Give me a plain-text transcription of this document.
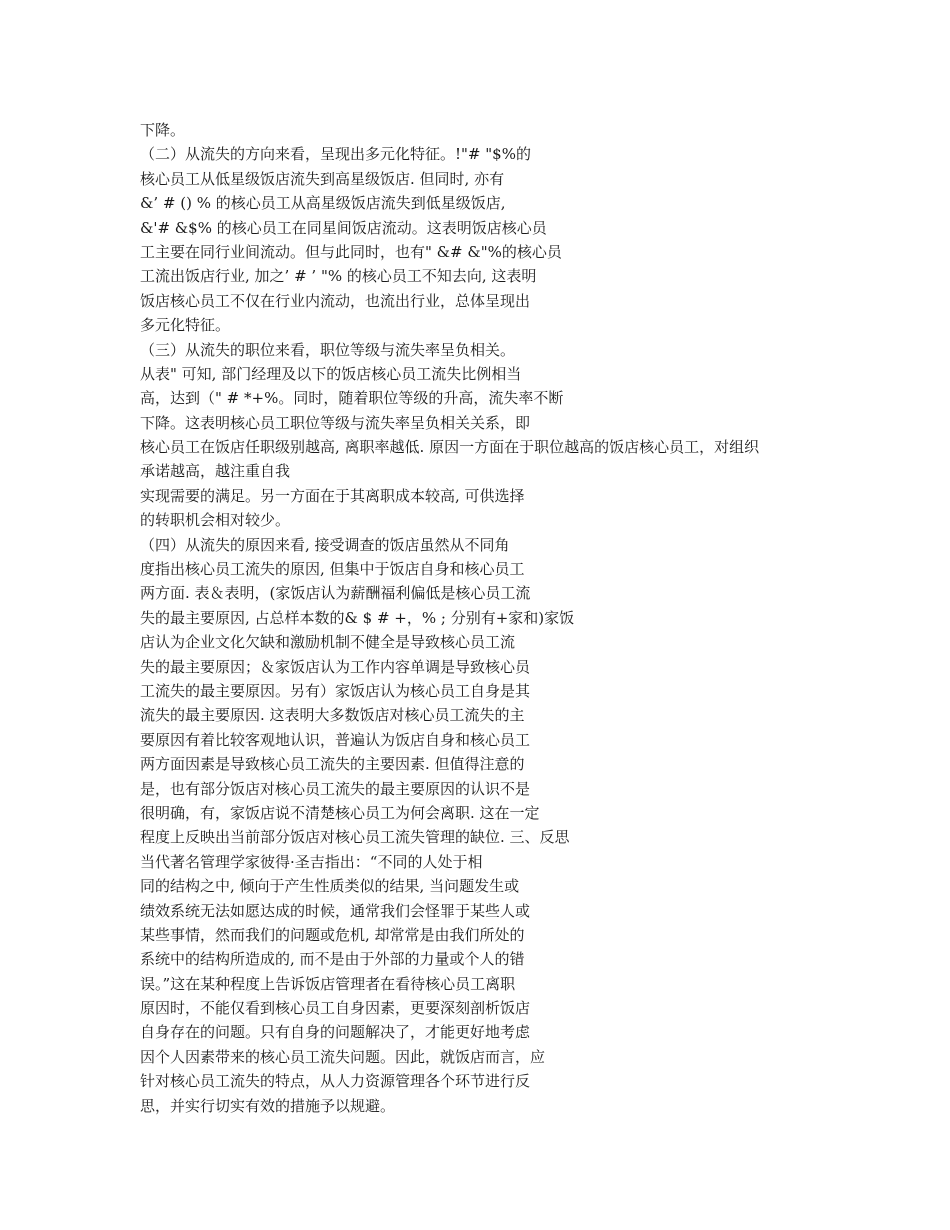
下降。
（二）从流失的方向来看，呈现出多元化特征。!"# "$%的
核心员工从低星级饭店流失到高星级饭店. 但同时, 亦有
&’ # () % 的核心员工从高星级饭店流失到低星级饭店,
&'# &$% 的核心员工在同星间饭店流动。这表明饭店核心员
工主要在同行业间流动。但与此同时，也有" &# &"%的核心员
工流出饭店行业, 加之’ # ’ "% 的核心员工不知去向, 这表明
饭店核心员工不仅在行业内流动，也流出行业，总体呈现出
多元化特征。
（三）从流失的职位来看，职位等级与流失率呈负相关。
从表" 可知, 部门经理及以下的饭店核心员工流失比例相当
高，达到（" # *+%。同时，随着职位等级的升高，流失率不断
下降。这表明核心员工职位等级与流失率呈负相关关系，即
核心员工在饭店任职级别越高, 离职率越低. 原因一方面在于职位越高的饭店核心员工，对组织
承诺越高，越注重自我
实现需要的满足。另一方面在于其离职成本较高, 可供选择
的转职机会相对较少。
（四）从流失的原因来看, 接受调查的饭店虽然从不同角
度指出核心员工流失的原因, 但集中于饭店自身和核心员工
两方面. 表＆表明，(家饭店认为薪酬福利偏低是核心员工流
失的最主要原因, 占总样本数的& $ # +，% ; 分别有+家和)家饭
店认为企业文化欠缺和激励机制不健全是导致核心员工流
失的最主要原因；＆家饭店认为工作内容单调是导致核心员
工流失的最主要原因。另有）家饭店认为核心员工自身是其
流失的最主要原因. 这表明大多数饭店对核心员工流失的主
要原因有着比较客观地认识，普遍认为饭店自身和核心员工
两方面因素是导致核心员工流失的主要因素. 但值得注意的
是，也有部分饭店对核心员工流失的最主要原因的认识不是
很明确，有，家饭店说不清楚核心员工为何会离职. 这在一定
程度上反映出当前部分饭店对核心员工流失管理的缺位. 三、反思
当代著名管理学家彼得·圣吉指出：“不同的人处于相
同的结构之中, 倾向于产生性质类似的结果, 当问题发生或
绩效系统无法如愿达成的时候，通常我们会怪罪于某些人或
某些事情，然而我们的问题或危机, 却常常是由我们所处的
系统中的结构所造成的, 而不是由于外部的力量或个人的错
误。”这在某种程度上告诉饭店管理者在看待核心员工离职
原因时，不能仅看到核心员工自身因素，更要深刻剖析饭店
自身存在的问题。只有自身的问题解决了，才能更好地考虑
因个人因素带来的核心员工流失问题。因此，就饭店而言，应
针对核心员工流失的特点，从人力资源管理各个环节进行反
思，并实行切实有效的措施予以规避。
